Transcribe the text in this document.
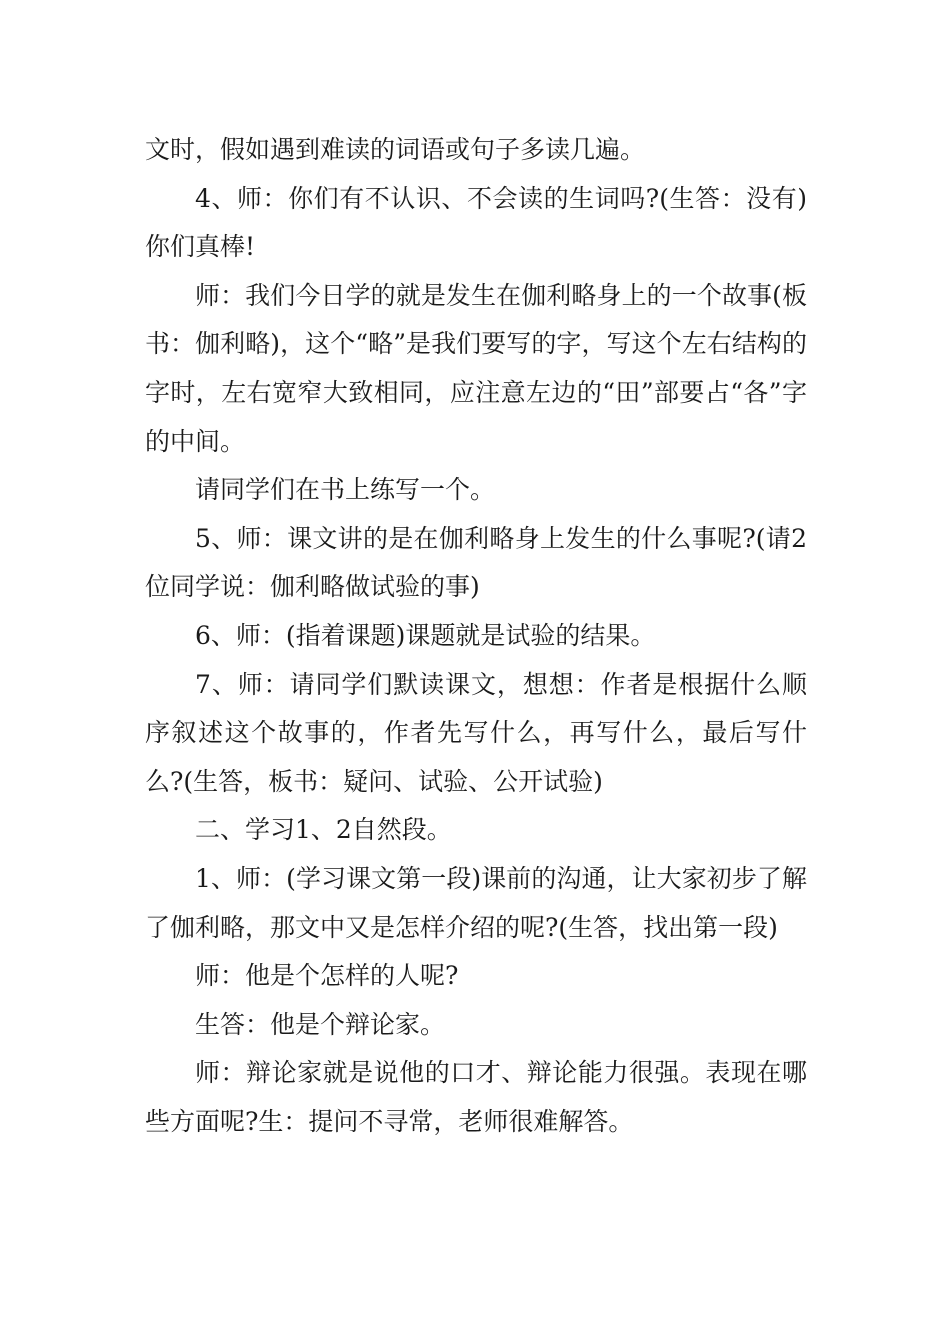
文时，假如遇到难读的词语或句子多读几遍。

4、师：你们有不认识、不会读的生词吗?(生答：没有)你们真棒!

师：我们今日学的就是发生在伽利略身上的一个故事(板书：伽利略)，这个“略”是我们要写的字，写这个左右结构的字时，左右宽窄大致相同，应注意左边的“田”部要占“各”字的中间。

请同学们在书上练写一个。

5、师：课文讲的是在伽利略身上发生的什么事呢?(请2位同学说：伽利略做试验的事)

6、师：(指着课题)课题就是试验的结果。

7、师：请同学们默读课文，想想：作者是根据什么顺序叙述这个故事的，作者先写什么，再写什么，最后写什么?(生答，板书：疑问、试验、公开试验)

二、学习1、2自然段。

1、师：(学习课文第一段)课前的沟通，让大家初步了解了伽利略，那文中又是怎样介绍的呢?(生答，找出第一段)

师：他是个怎样的人呢?

生答：他是个辩论家。

师：辩论家就是说他的口才、辩论能力很强。表现在哪些方面呢?生：提问不寻常，老师很难解答。
